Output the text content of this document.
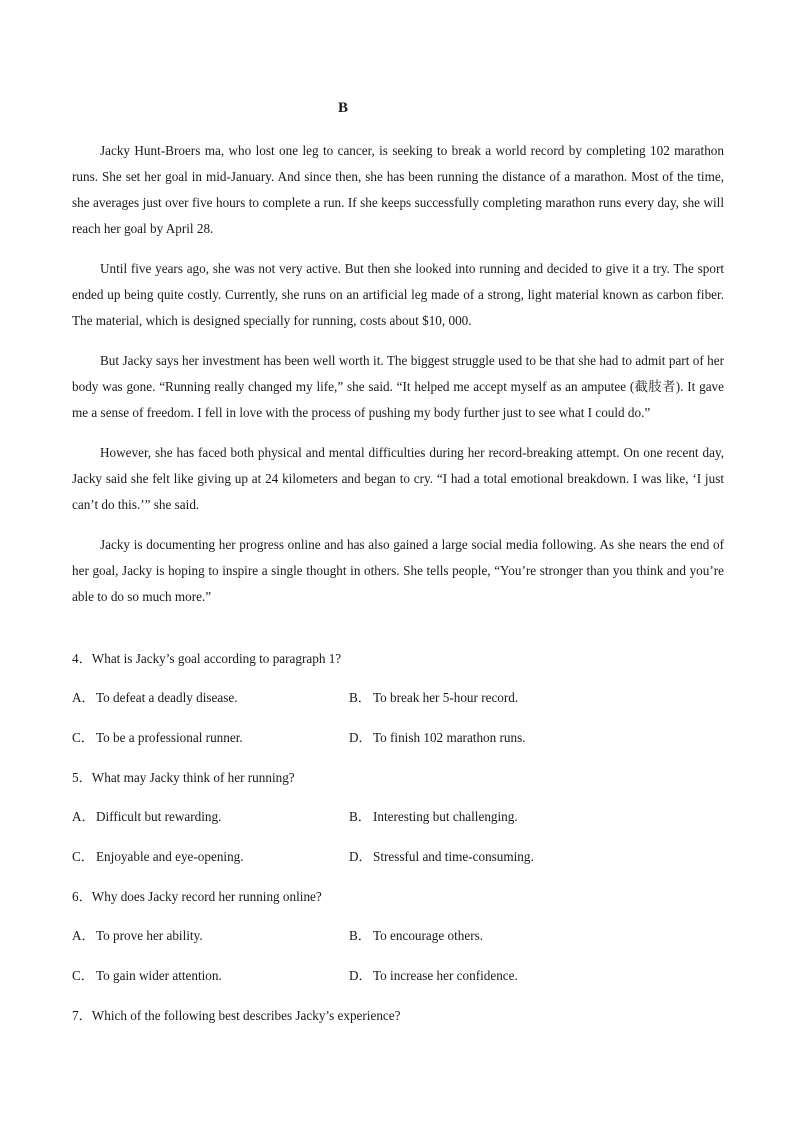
B

Jacky Hunt-Broers ma, who lost one leg to cancer, is seeking to break a world record by completing 102 marathon runs. She set her goal in mid-January. And since then, she has been running the distance of a marathon. Most of the time, she averages just over five hours to complete a run. If she keeps successfully completing marathon runs every day, she will reach her goal by April 28.

Until five years ago, she was not very active. But then she looked into running and decided to give it a try. The sport ended up being quite costly. Currently, she runs on an artificial leg made of a strong, light material known as carbon fiber. The material, which is designed specially for running, costs about $10, 000.

But Jacky says her investment has been well worth it. The biggest struggle used to be that she had to admit part of her body was gone. “Running really changed my life,” she said. “It helped me accept myself as an amputee (截肢者). It gave me a sense of freedom. I fell in love with the process of pushing my body further just to see what I could do.”

However, she has faced both physical and mental difficulties during her record-breaking attempt. On one recent day, Jacky said she felt like giving up at 24 kilometers and began to cry. “I had a total emotional breakdown. I was like, ‘I just can’t do this.’” she said.

Jacky is documenting her progress online and has also gained a large social media following. As she nears the end of her goal, Jacky is hoping to inspire a single thought in others. She tells people, “You’re stronger than you think and you’re able to do so much more.”

4．What is Jacky’s goal according to paragraph 1?
A．To defeat a deadly disease.	B． To break her 5-hour record.
C． To be a professional runner.	D．To finish 102 marathon runs.
5．What may Jacky think of her running?
A．Difficult but rewarding.	B． Interesting but challenging.
C． Enjoyable and eye-opening.	D．Stressful and time-consuming.
6．Why does Jacky record her running online?
A．To prove her ability.	B． To encourage others.
C． To gain wider attention.	D．To increase her confidence.
7．Which of the following best describes Jacky’s experience?
